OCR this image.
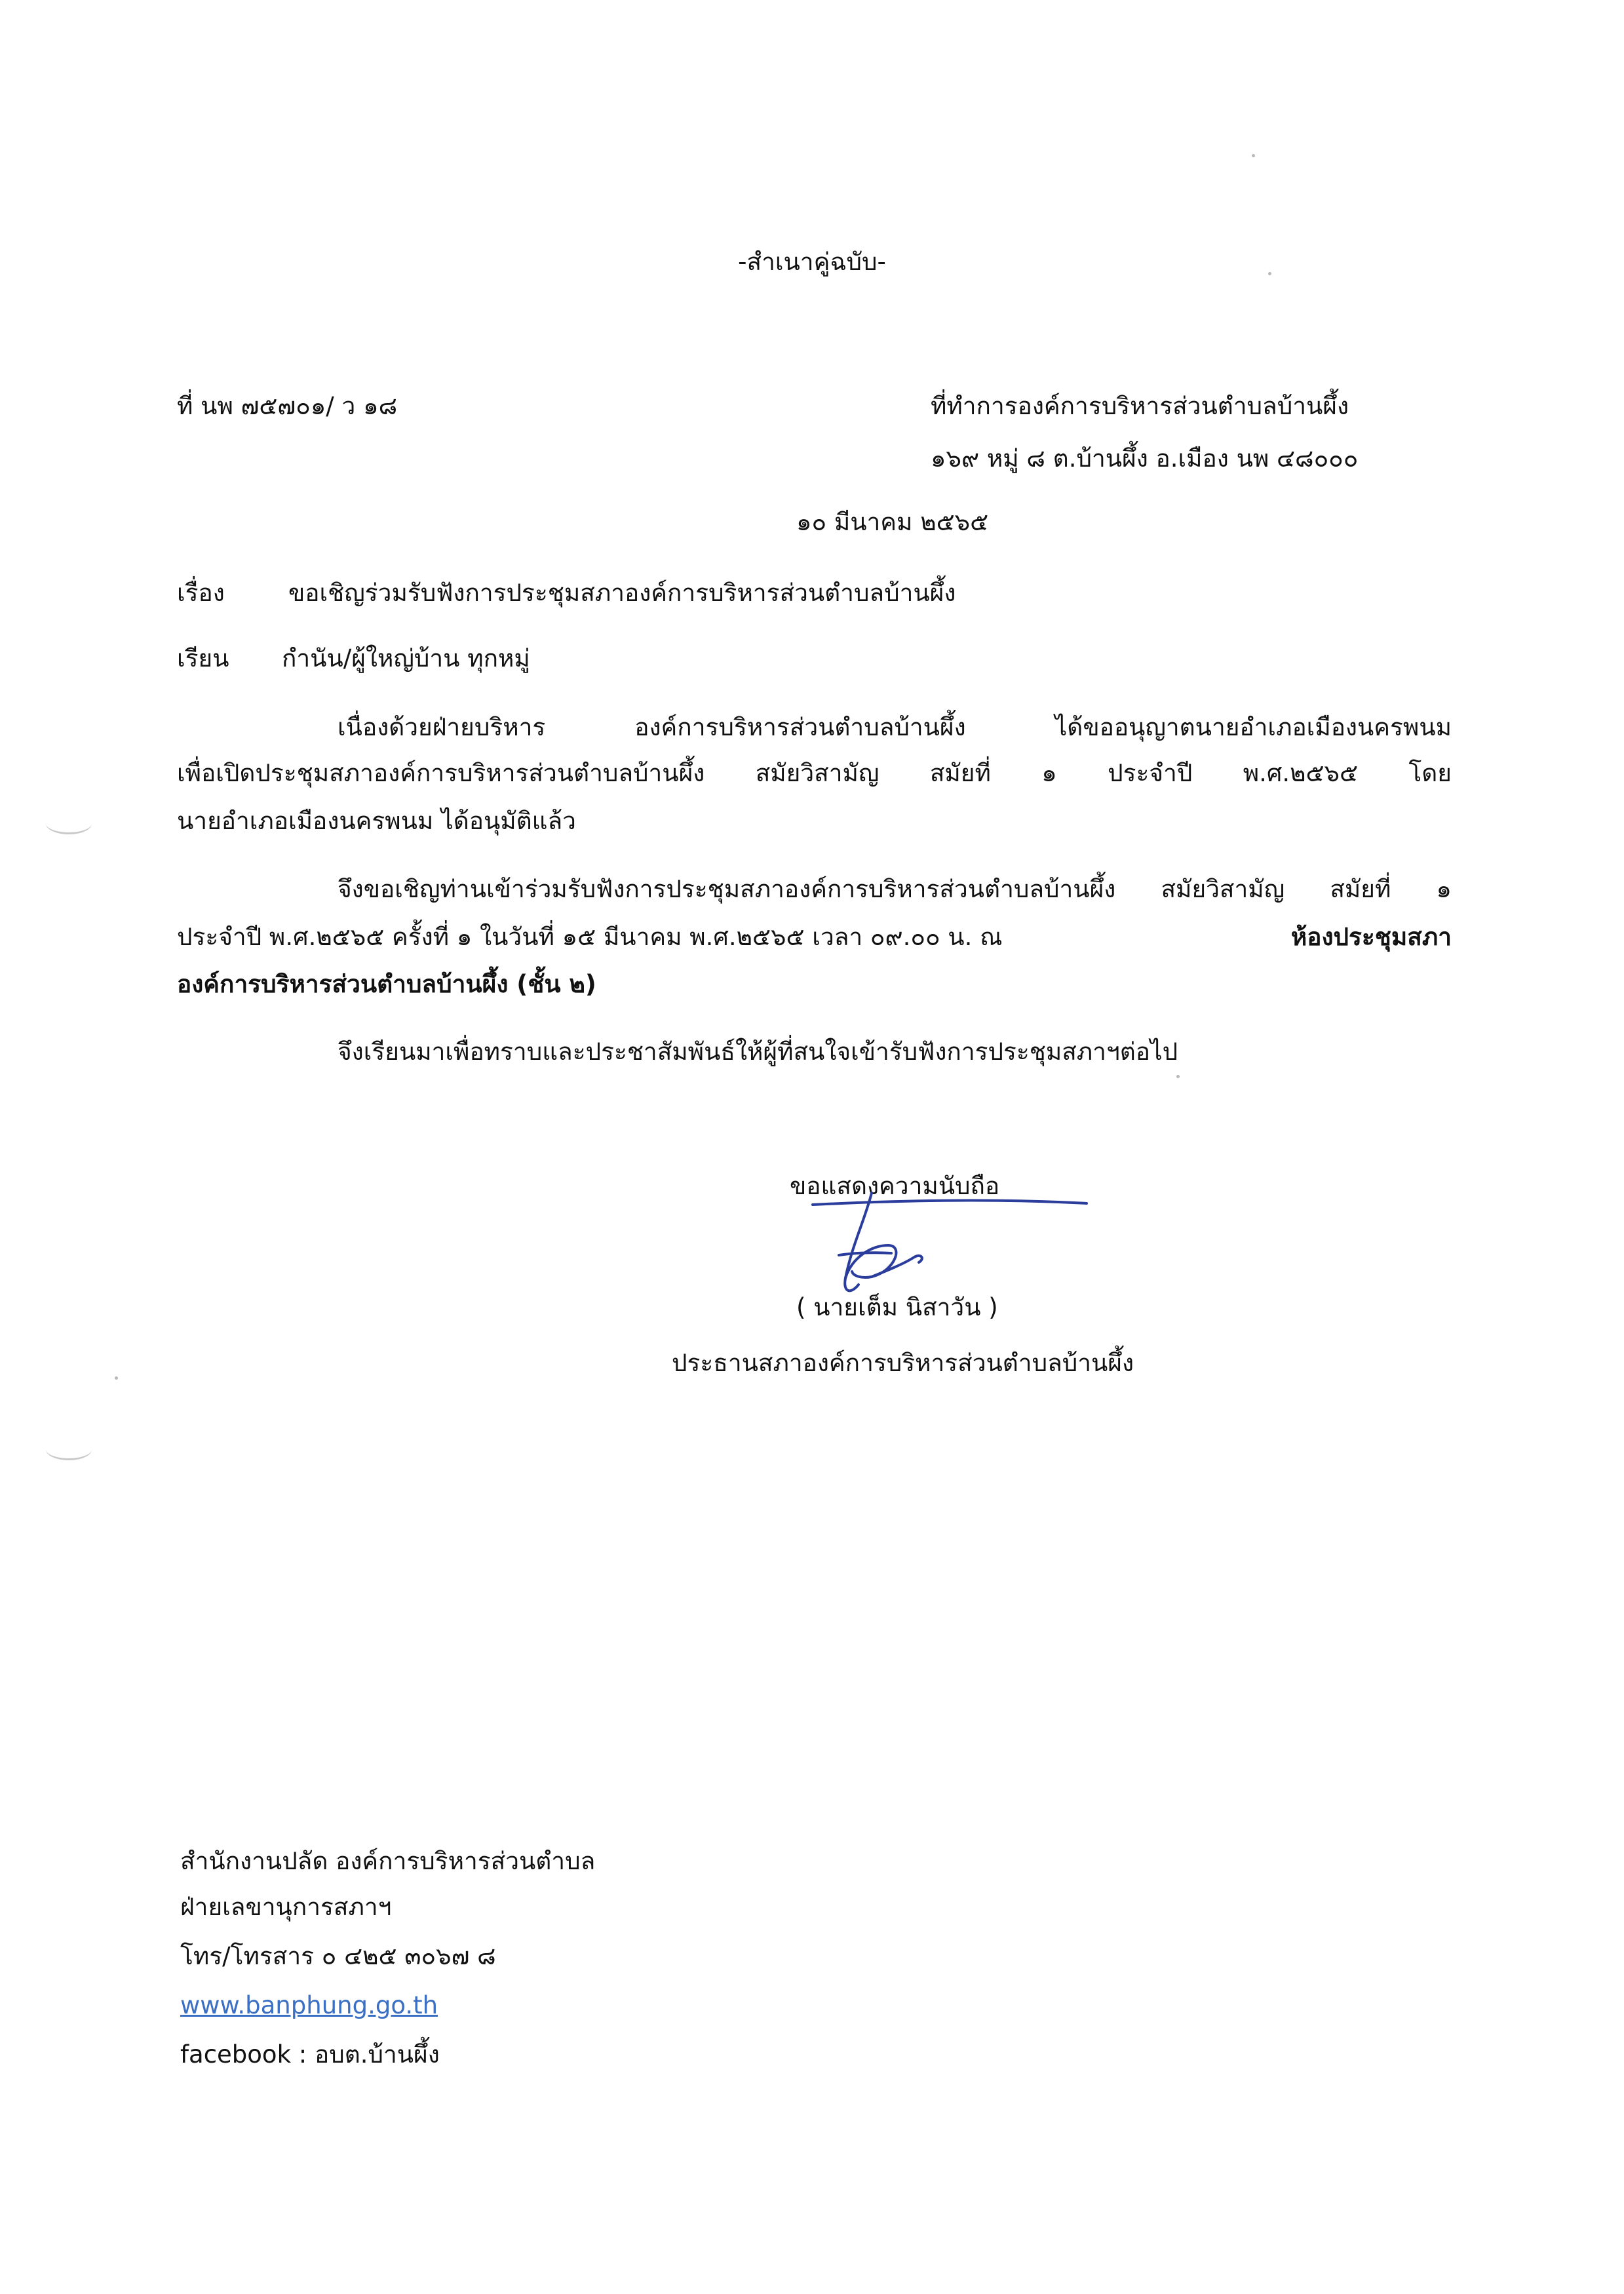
-สำเนาคู่ฉบับ-
ที่ นพ ๗๕๗๐๑/ ว ๑๘	ที่ทำการองค์การบริหารส่วนตำบลบ้านผึ้ง
๑๖๙ หมู่ ๘ ต.บ้านผึ้ง อ.เมือง นพ ๔๘๐๐๐
๑๐ มีนาคม ๒๕๖๕
เรื่อง	ขอเชิญร่วมรับฟังการประชุมสภาองค์การบริหารส่วนตำบลบ้านผึ้ง
เรียน กำนัน/ผู้ใหญ่บ้าน ทุกหมู่
เนื่องด้วยฝ่ายบริหาร องค์การบริหารส่วนตำบลบ้านผึ้ง ได้ขออนุญาตนายอำเภอเมืองนครพนม
เพื่อเปิดประชุมสภาองค์การบริหารส่วนตำบลบ้านผึ้ง สมัยวิสามัญ สมัยที่ ๑ ประจำปี พ.ศ.๒๕๖๕ โดย
นายอำเภอเมืองนครพนม ได้อนุมัติแล้ว
จึงขอเชิญท่านเข้าร่วมรับฟังการประชุมสภาองค์การบริหารส่วนตำบลบ้านผึ้ง สมัยวิสามัญ สมัยที่ ๑
ประจำปี พ.ศ.๒๕๖๕ ครั้งที่ ๑ ในวันที่ ๑๕ มีนาคม พ.ศ.๒๕๖๕ เวลา ๐๙.๐๐ น. ณ	ห้องประชุมสภา
องค์การบริหารส่วนตำบลบ้านผึ้ง (ชั้น ๒)
จึงเรียนมาเพื่อทราบและประชาสัมพันธ์ให้ผู้ที่สนใจเข้ารับฟังการประชุมสภาฯต่อไป
ขอแสดงความนับถือ
( นายเต็ม นิสาวัน )
ประธานสภาองค์การบริหารส่วนตำบลบ้านผึ้ง
สำนักงานปลัด องค์การบริหารส่วนตำบล
ฝ่ายเลขานุการสภาฯ
โทร/โทรสาร ๐ ๔๒๕ ๓๐๖๗ ๘
www.banphung.go.th
facebook : อบต.บ้านผึ้ง
